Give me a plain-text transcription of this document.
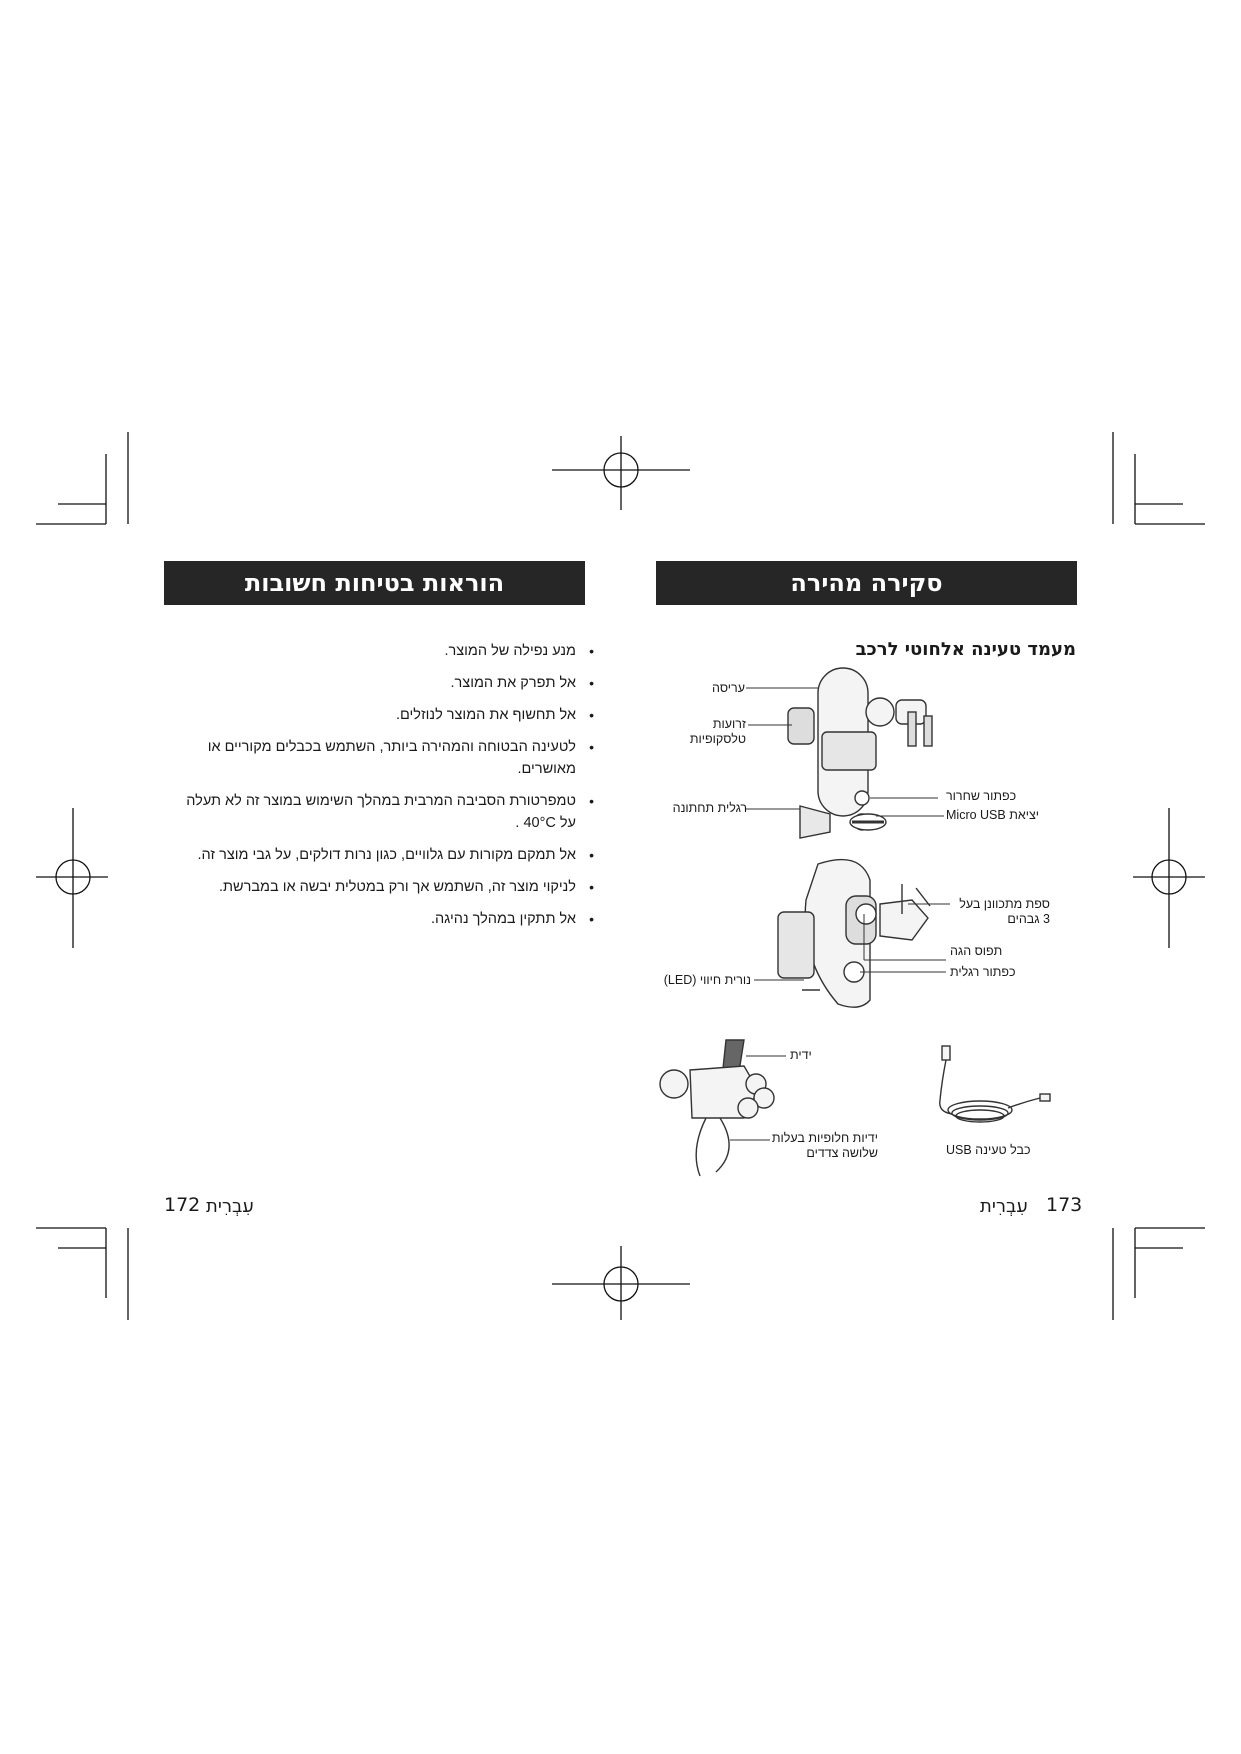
הוראות בטיחות חשובות
• מנע נפילה של המוצר.
• אל תפרק את המוצר.
• אל תחשוף את המוצר לנוזלים.
• לטעינה הבטוחה והמהירה ביותר, השתמש בכבלים מקוריים או מאושרים.
• טמפרטורת הסביבה המרבית במהלך השימוש במוצר זה לא תעלה על 40°C .
• אל תמקם מקורות עם גלוויים, כגון נרות דולקים, על גבי מוצר זה.
• לניקוי מוצר זה, השתמש אך ורק במטלית יבשה או במברשת.
• אל תתקין במהלך נהיגה.
172 עִבְרִית
סקירה מהירה
מעמד טעינה אלחוטי לרכב
עריסה
זרועות טלסקופיות
רגלית תחתונה
כפתור שחרור
יציאת Micro USB
ספת מתכוונן בעל 3 גבהים
תפוס הגה
כפתור רגלית
נורית חיווי (LED)
ידית
ידיות חלופיות בעלות שלושה צדדים	כבל טעינה USB
עִבְרִית 173
